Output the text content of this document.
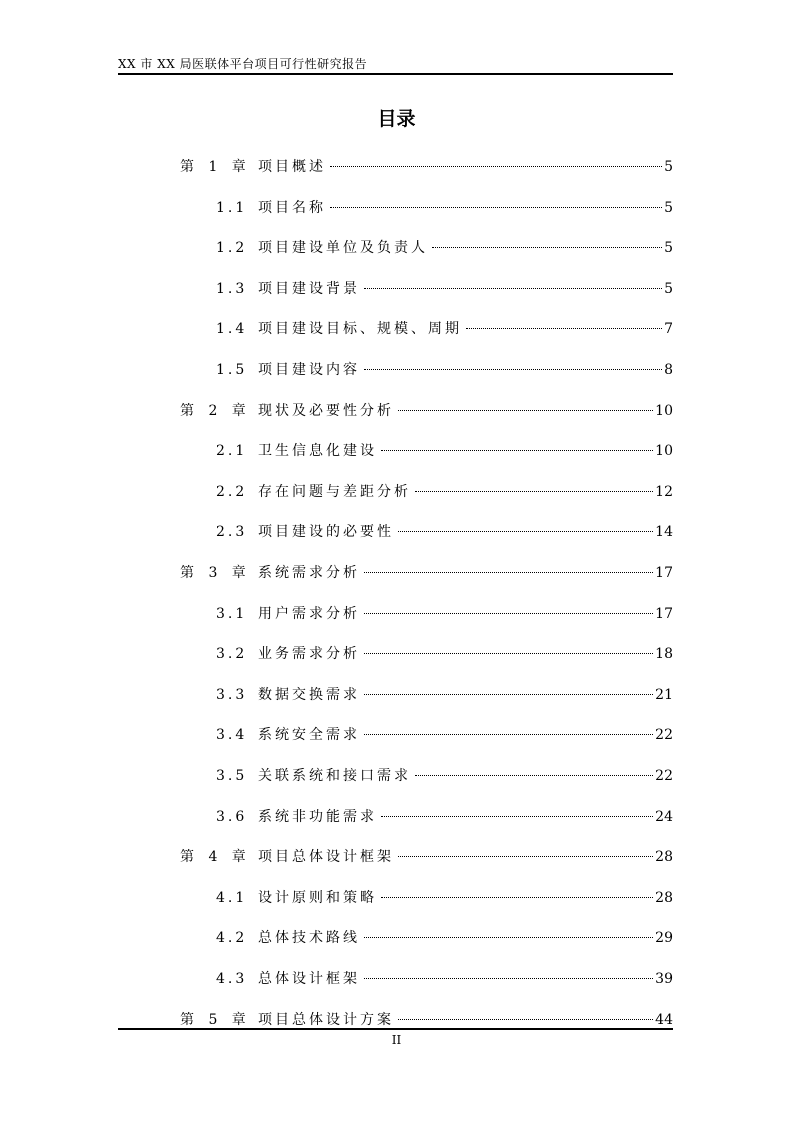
XX 市 XX 局医联体平台项目可行性研究报告
目录
第 1 章 项目概述	5
1.1 项目名称	5
1.2 项目建设单位及负责人	5
1.3 项目建设背景	5
1.4 项目建设目标、规模、周期	7
1.5 项目建设内容	8
第 2 章 现状及必要性分析	10
2.1 卫生信息化建设	10
2.2 存在问题与差距分析	12
2.3 项目建设的必要性	14
第 3 章 系统需求分析	17
3.1 用户需求分析	17
3.2 业务需求分析	18
3.3 数据交换需求	21
3.4 系统安全需求	22
3.5 关联系统和接口需求	22
3.6 系统非功能需求	24
第 4 章 项目总体设计框架	28
4.1 设计原则和策略	28
4.2 总体技术路线	29
4.3 总体设计框架	39
第 5 章 项目总体设计方案	44
II
